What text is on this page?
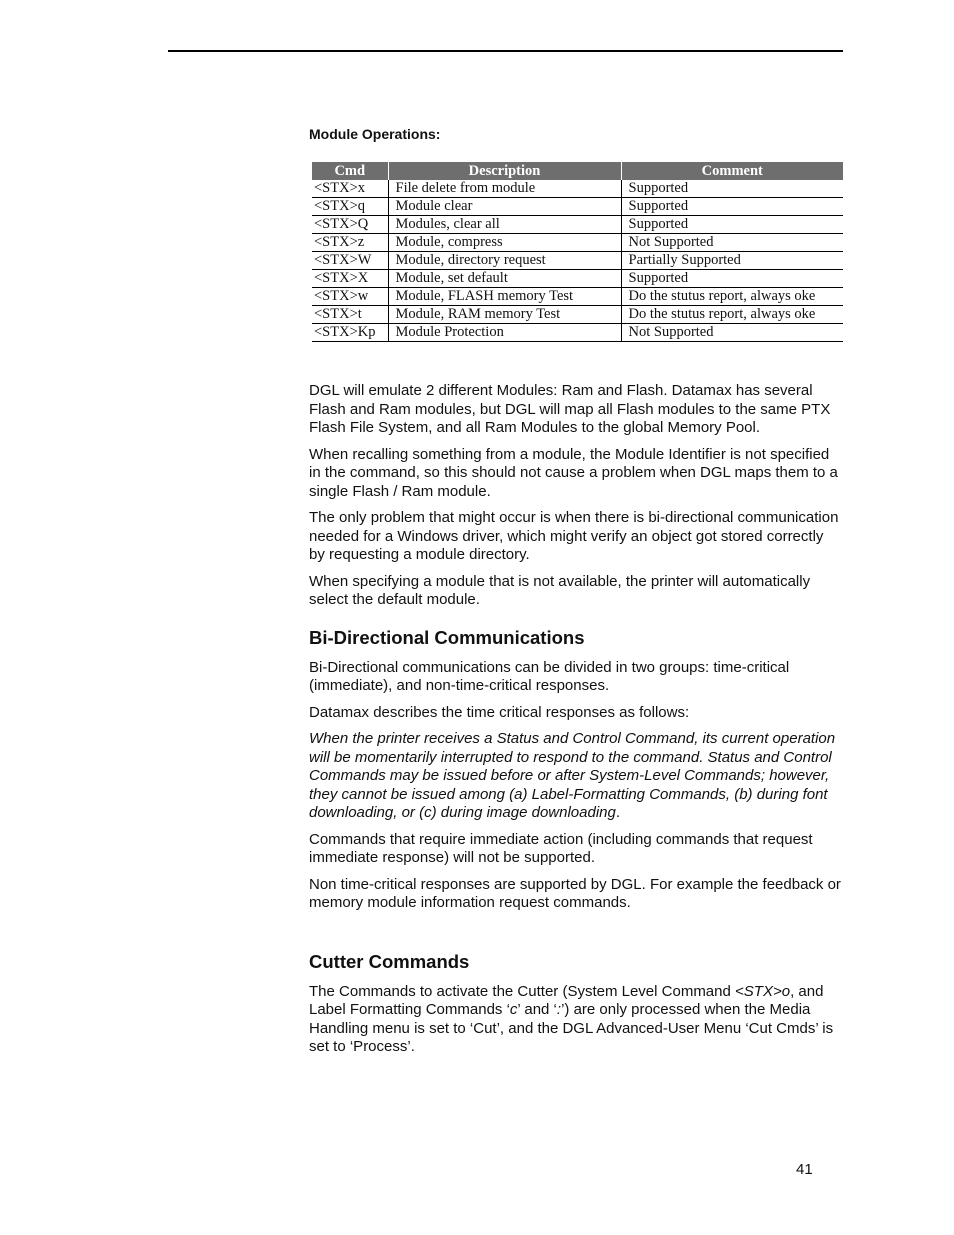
Module Operations:
Cmd	Description	Comment
<STX>x	File delete from module	Supported
<STX>q	Module clear	Supported
<STX>Q	Modules, clear all	Supported
<STX>z	Module, compress	Not Supported
<STX>W	Module, directory request	Partially Supported
<STX>X	Module, set default	Supported
<STX>w	Module, FLASH memory Test	Do the stutus report, always oke
<STX>t	Module, RAM memory Test	Do the stutus report, always oke
<STX>Kp	Module Protection	Not Supported

DGL will emulate 2 different Modules: Ram and Flash. Datamax has several Flash and Ram modules, but DGL will map all Flash modules to the same PTX Flash File System, and all Ram Modules to the global Memory Pool.

When recalling something from a module, the Module Identifier is not specified in the command, so this should not cause a problem when DGL maps them to a single Flash / Ram module.

The only problem that might occur is when there is bi-directional communication needed for a Windows driver, which might verify an object got stored correctly by requesting a module directory.

When specifying a module that is not available, the printer will automatically select the default module.

Bi-Directional Communications

Bi-Directional communications can be divided in two groups: time-critical (immediate), and non-time-critical responses.

Datamax describes the time critical responses as follows:

When the printer receives a Status and Control Command, its current operation will be momentarily interrupted to respond to the command. Status and Control Commands may be issued before or after System-Level Commands; however, they cannot be issued among (a) Label-Formatting Commands, (b) during font downloading, or (c) during image downloading.

Commands that require immediate action (including commands that request immediate response) will not be supported.

Non time-critical responses are supported by DGL. For example the feedback or memory module information request commands.

Cutter Commands

The Commands to activate the Cutter (System Level Command <STX>o, and Label Formatting Commands ‘c’ and ‘:’) are only processed when the Media Handling menu is set to ‘Cut’, and the DGL Advanced-User Menu ‘Cut Cmds’ is set to ‘Process’.

41
